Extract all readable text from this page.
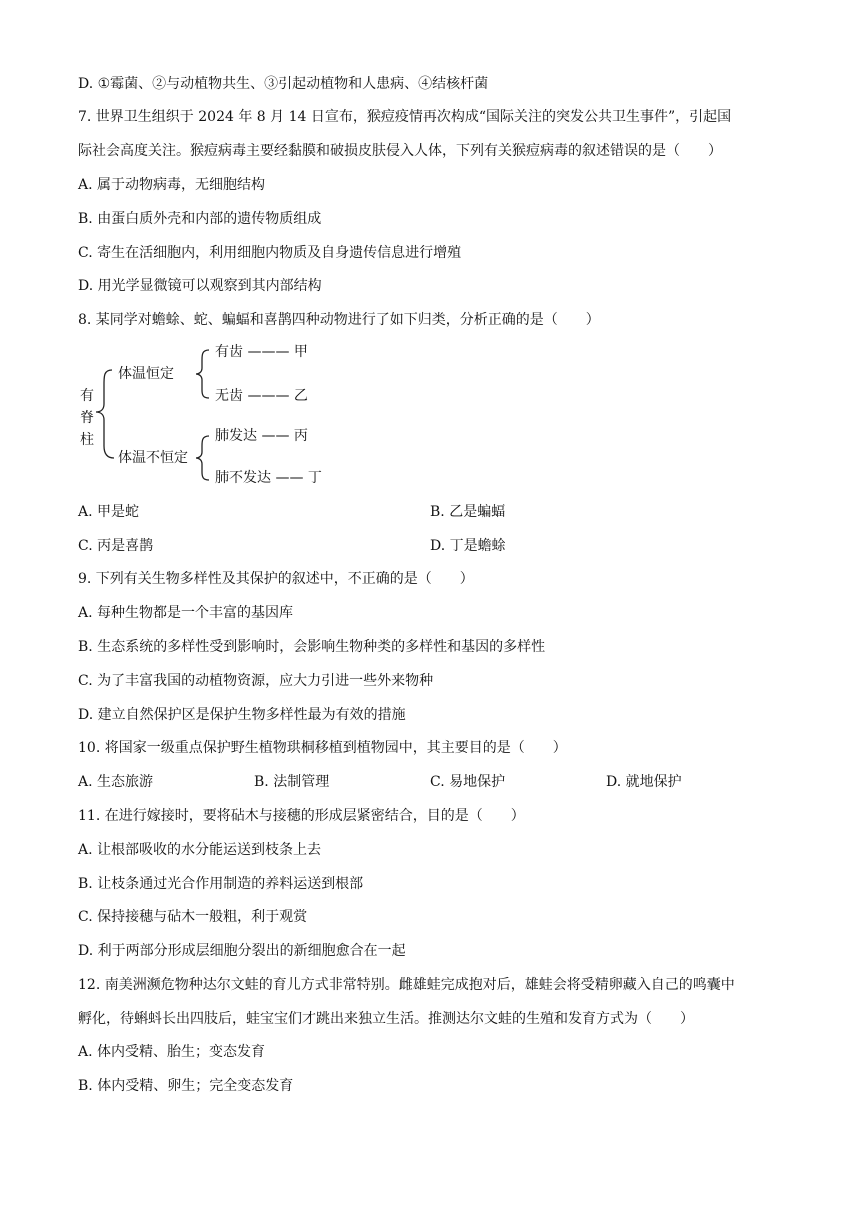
D. ①霉菌、②与动植物共生、③引起动植物和人患病、④结核杆菌
7. 世界卫生组织于 2024 年 8 月 14 日宣布，猴痘疫情再次构成“国际关注的突发公共卫生事件”，引起国
际社会高度关注。猴痘病毒主要经黏膜和破损皮肤侵入人体，下列有关猴痘病毒的叙述错误的是（　　）
A. 属于动物病毒，无细胞结构
B. 由蛋白质外壳和内部的遗传物质组成
C. 寄生在活细胞内，利用细胞内物质及自身遗传信息进行增殖
D. 用光学显微镜可以观察到其内部结构
8. 某同学对蟾蜍、蛇、蝙蝠和喜鹊四种动物进行了如下归类，分析正确的是（　　）
有
脊
柱
体温恒定
体温不恒定
有齿 ——— 甲
无齿 ——— 乙
肺发达 —— 丙
肺不发达 —— 丁
A. 甲是蛇	B. 乙是蝙蝠
C. 丙是喜鹊	D. 丁是蟾蜍
9. 下列有关生物多样性及其保护的叙述中，不正确的是（　　）
A. 每种生物都是一个丰富的基因库
B. 生态系统的多样性受到影响时，会影响生物种类的多样性和基因的多样性
C. 为了丰富我国的动植物资源，应大力引进一些外来物种
D. 建立自然保护区是保护生物多样性最为有效的措施
10. 将国家一级重点保护野生植物珙桐移植到植物园中，其主要目的是（　　）
A. 生态旅游	B. 法制管理	C. 易地保护	D. 就地保护
11. 在进行嫁接时，要将砧木与接穗的形成层紧密结合，目的是（　　）
A. 让根部吸收的水分能运送到枝条上去
B. 让枝条通过光合作用制造的养料运送到根部
C. 保持接穗与砧木一般粗，利于观赏
D. 利于两部分形成层细胞分裂出的新细胞愈合在一起
12. 南美洲濒危物种达尔文蛙的育儿方式非常特别。雌雄蛙完成抱对后，雄蛙会将受精卵藏入自己的鸣囊中
孵化，待蝌蚪长出四肢后，蛙宝宝们才跳出来独立生活。推测达尔文蛙的生殖和发育方式为（　　）
A. 体内受精、胎生；变态发育
B. 体内受精、卵生；完全变态发育
